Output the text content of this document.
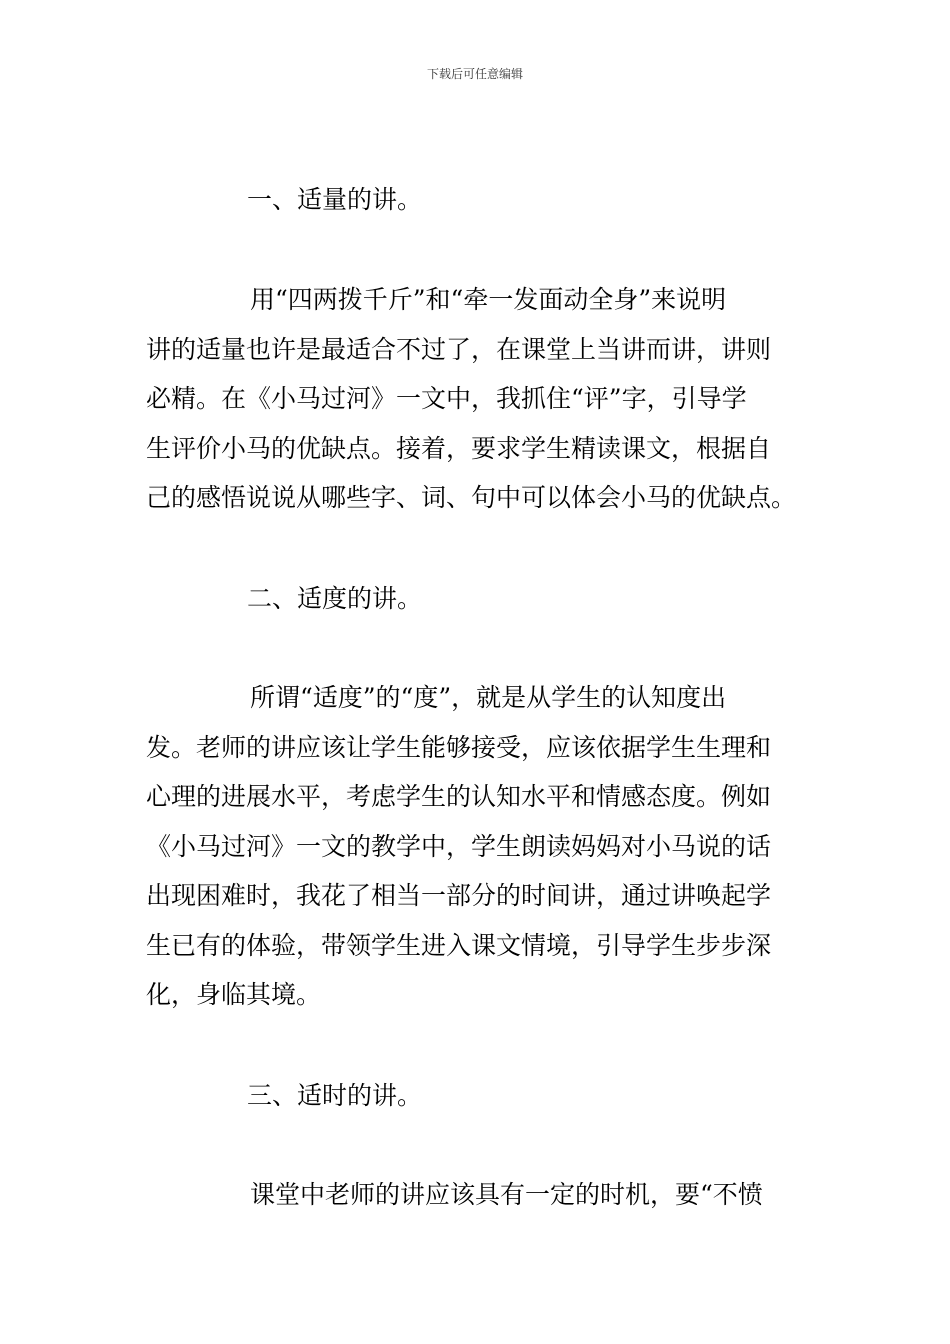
下载后可任意编辑
一、适量的讲。
用“四两拨千斤”和“牵一发面动全身”来说明
讲的适量也许是最适合不过了，在课堂上当讲而讲，讲则
必精。在《小马过河》一文中，我抓住“评”字，引导学
生评价小马的优缺点。接着，要求学生精读课文，根据自
己的感悟说说从哪些字、词、句中可以体会小马的优缺点。
二、适度的讲。
所谓“适度”的“度”，就是从学生的认知度出
发。老师的讲应该让学生能够接受，应该依据学生生理和
心理的进展水平，考虑学生的认知水平和情感态度。例如
《小马过河》一文的教学中，学生朗读妈妈对小马说的话
出现困难时，我花了相当一部分的时间讲，通过讲唤起学
生已有的体验，带领学生进入课文情境，引导学生步步深
化，身临其境。
三、适时的讲。
课堂中老师的讲应该具有一定的时机，要“不愤
